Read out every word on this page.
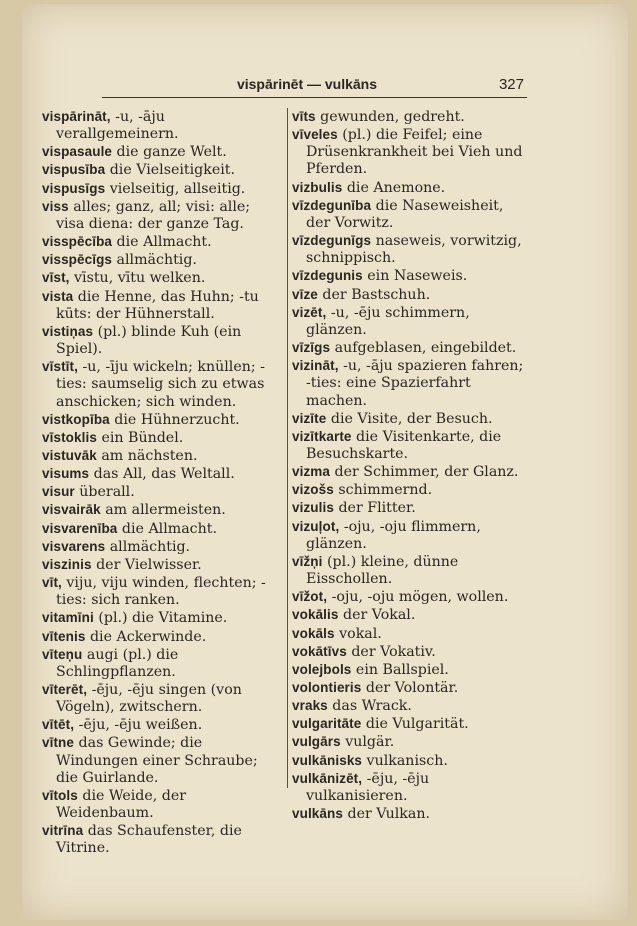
vispārinēt — vulkāns	327
vispārināt, -u, -āju verallgemeinern.
vispasaule die ganze Welt.
vispusība die Vielseitigkeit.
vispusīgs vielseitig, allseitig.
viss alles; ganz, all; visi: alle; visa diena: der ganze Tag.
visspēcība die Allmacht.
visspēcīgs allmächtig.
vīst, vīstu, vītu welken.
vista die Henne, das Huhn; -tu kūts: der Hühnerstall.
vistiņas (pl.) blinde Kuh (ein Spiel).
vīstīt, -u, -īju wickeln; knüllen; -ties: saumselig sich zu etwas anschicken; sich winden.
vistkopība die Hühnerzucht.
vīstoklis ein Bündel.
vistuvāk am nächsten.
visums das All, das Weltall.
visur überall.
visvairāk am allermeisten.
visvarenība die Allmacht.
visvarens allmächtig.
viszinis der Vielwisser.
vīt, viju, viju winden, flechten; -ties: sich ranken.
vitamīni (pl.) die Vitamine.
vītenis die Ackerwinde.
vīteņu augi (pl.) die Schlingpflanzen.
vīterēt, -ēju, -ēju singen (von Vögeln), zwitschern.
vītēt, -ēju, -ēju weißen.
vītne das Gewinde; die Windungen einer Schraube; die Guirlande.
vītols die Weide, der Weidenbaum.
vitrīna das Schaufenster, die Vitrine.
vīts gewunden, gedreht.
vīveles (pl.) die Feifel; eine Drüsenkrankheit bei Vieh und Pferden.
vizbulis die Anemone.
vīzdegunība die Naseweisheit, der Vorwitz.
vīzdegunīgs naseweis, vorwitzig, schnippisch.
vīzdegunis ein Naseweis.
vīze der Bastschuh.
vizēt, -u, -ēju schimmern, glänzen.
vīzīgs aufgeblasen, eingebildet.
vizināt, -u, -āju spazieren fahren; -ties: eine Spazierfahrt machen.
vizīte die Visite, der Besuch.
vizītkarte die Visitenkarte, die Besuchskarte.
vizma der Schimmer, der Glanz.
vizošs schimmernd.
vizulis der Flitter.
vizuļot, -oju, -oju flimmern, glänzen.
vīžņi (pl.) kleine, dünne Eisschollen.
vīžot, -oju, -oju mögen, wollen.
vokālis der Vokal.
vokāls vokal.
vokātīvs der Vokativ.
volejbols ein Ballspiel.
volontieris der Volontär.
vraks das Wrack.
vulgaritāte die Vulgarität.
vulgārs vulgär.
vulkānisks vulkanisch.
vulkānizēt, -ēju, -ēju vulkanisieren.
vulkāns der Vulkan.
